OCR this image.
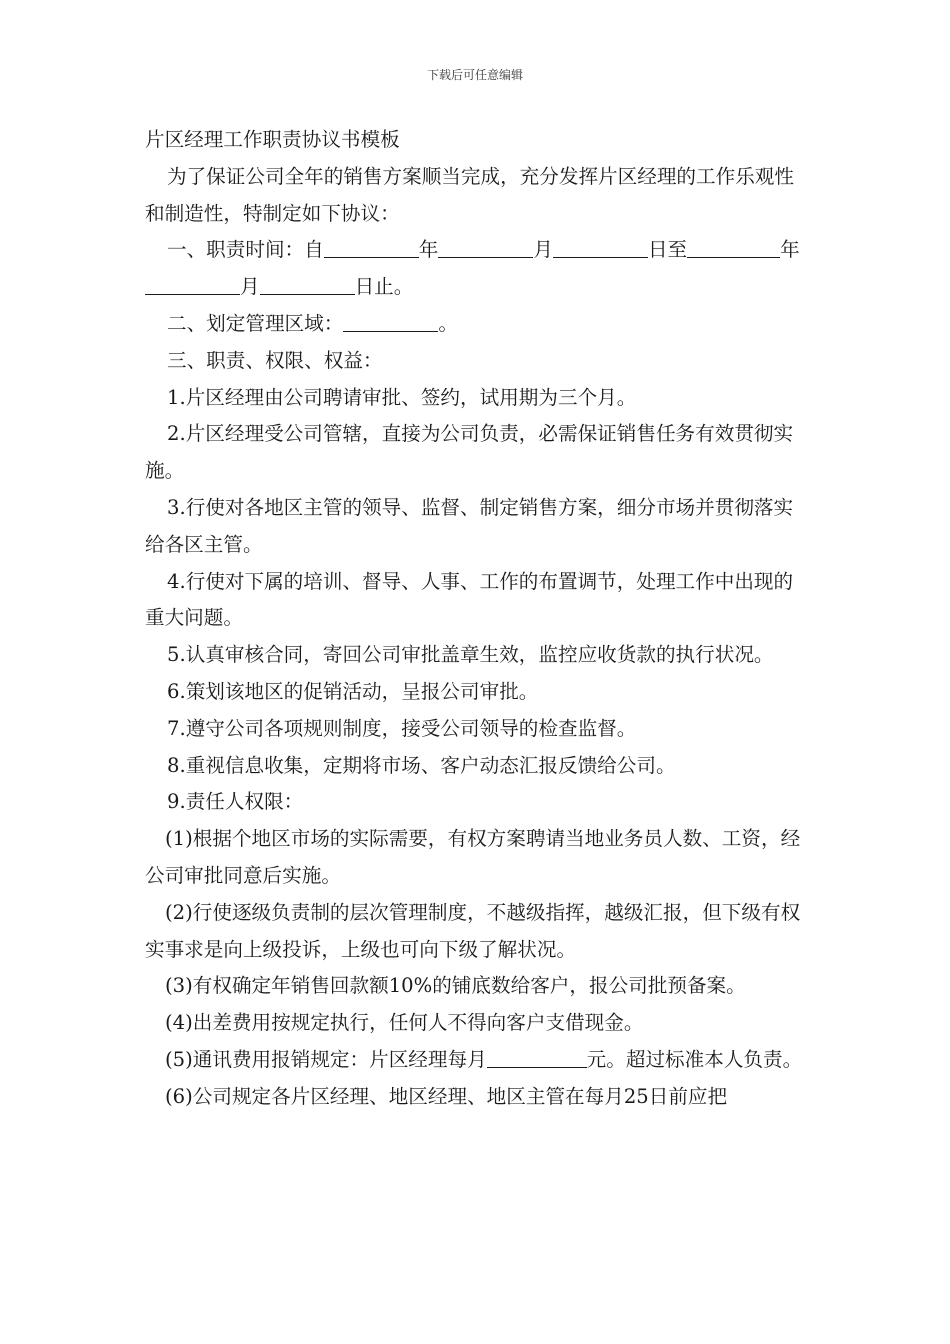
下载后可任意编辑

片区经理工作职责协议书模板

为了保证公司全年的销售方案顺当完成，充分发挥片区经理的工作乐观性和制造性，特制定如下协议：

一、职责时间：自	年	月	日至	年月	日止。

二、划定管理区域：	。

三、职责、权限、权益：

1.片区经理由公司聘请审批、签约，试用期为三个月。

2.片区经理受公司管辖，直接为公司负责，必需保证销售任务有效贯彻实施。

3.行使对各地区主管的领导、监督、制定销售方案，细分市场并贯彻落实给各区主管。

4.行使对下属的培训、督导、人事、工作的布置调节，处理工作中出现的重大问题。

5.认真审核合同，寄回公司审批盖章生效，监控应收货款的执行状况。

6.策划该地区的促销活动，呈报公司审批。

7.遵守公司各项规则制度，接受公司领导的检查监督。

8.重视信息收集，定期将市场、客户动态汇报反馈给公司。

9.责任人权限：

(1)根据个地区市场的实际需要，有权方案聘请当地业务员人数、工资，经公司审批同意后实施。

(2)行使逐级负责制的层次管理制度，不越级指挥，越级汇报，但下级有权实事求是向上级投诉，上级也可向下级了解状况。

(3)有权确定年销售回款额10%的铺底数给客户，报公司批预备案。

(4)出差费用按规定执行，任何人不得向客户支借现金。

(5)通讯费用报销规定：片区经理每月	元。超过标准本人负责。

(6)公司规定各片区经理、地区经理、地区主管在每月25日前应把
